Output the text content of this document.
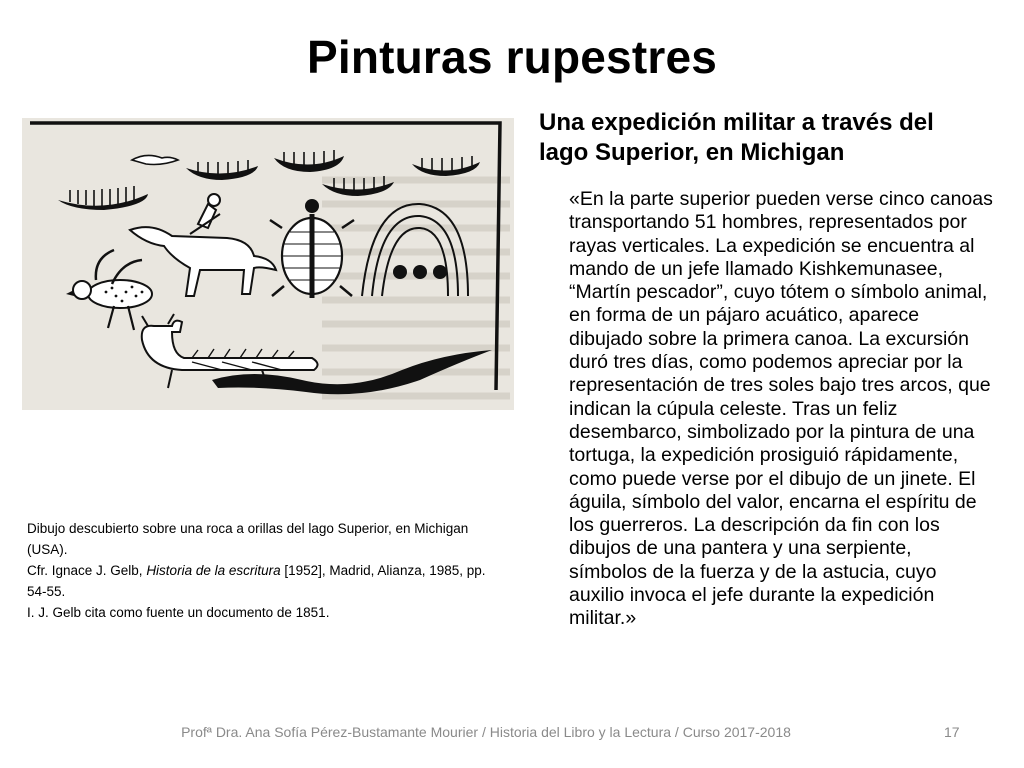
Pinturas rupestres

Dibujo descubierto sobre una roca a orillas del lago Superior, en Michigan (USA).

Cfr. Ignace J. Gelb, Historia de la escritura [1952], Madrid, Alianza, 1985, pp. 54-55.

I. J. Gelb cita como fuente un documento de 1851.

Una expedición militar a través del lago Superior, en Michigan

«En la parte superior pueden verse cinco canoas transportando 51 hombres, representados por rayas verticales. La expedición se encuentra al mando de un jefe llamado Kishkemunasee, “Martín pescador”, cuyo tótem o símbolo animal, en forma de un pájaro acuático, aparece dibujado sobre la primera canoa. La excursión duró tres días, como podemos apreciar por la representación de tres soles bajo tres arcos, que indican la cúpula celeste. Tras un feliz desembarco, simbolizado por la pintura de una tortuga, la expedición prosiguió rápidamente, como puede verse por el dibujo de un jinete. El águila, símbolo del valor, encarna el espíritu de los guerreros. La descripción da fin con los dibujos de una pantera y una serpiente, símbolos de la fuerza y de la astucia, cuyo auxilio invoca el jefe durante la expedición militar.»

Profª Dra. Ana Sofía Pérez-Bustamante Mourier / Historia del Libro y la Lectura / Curso 2017-2018	17
